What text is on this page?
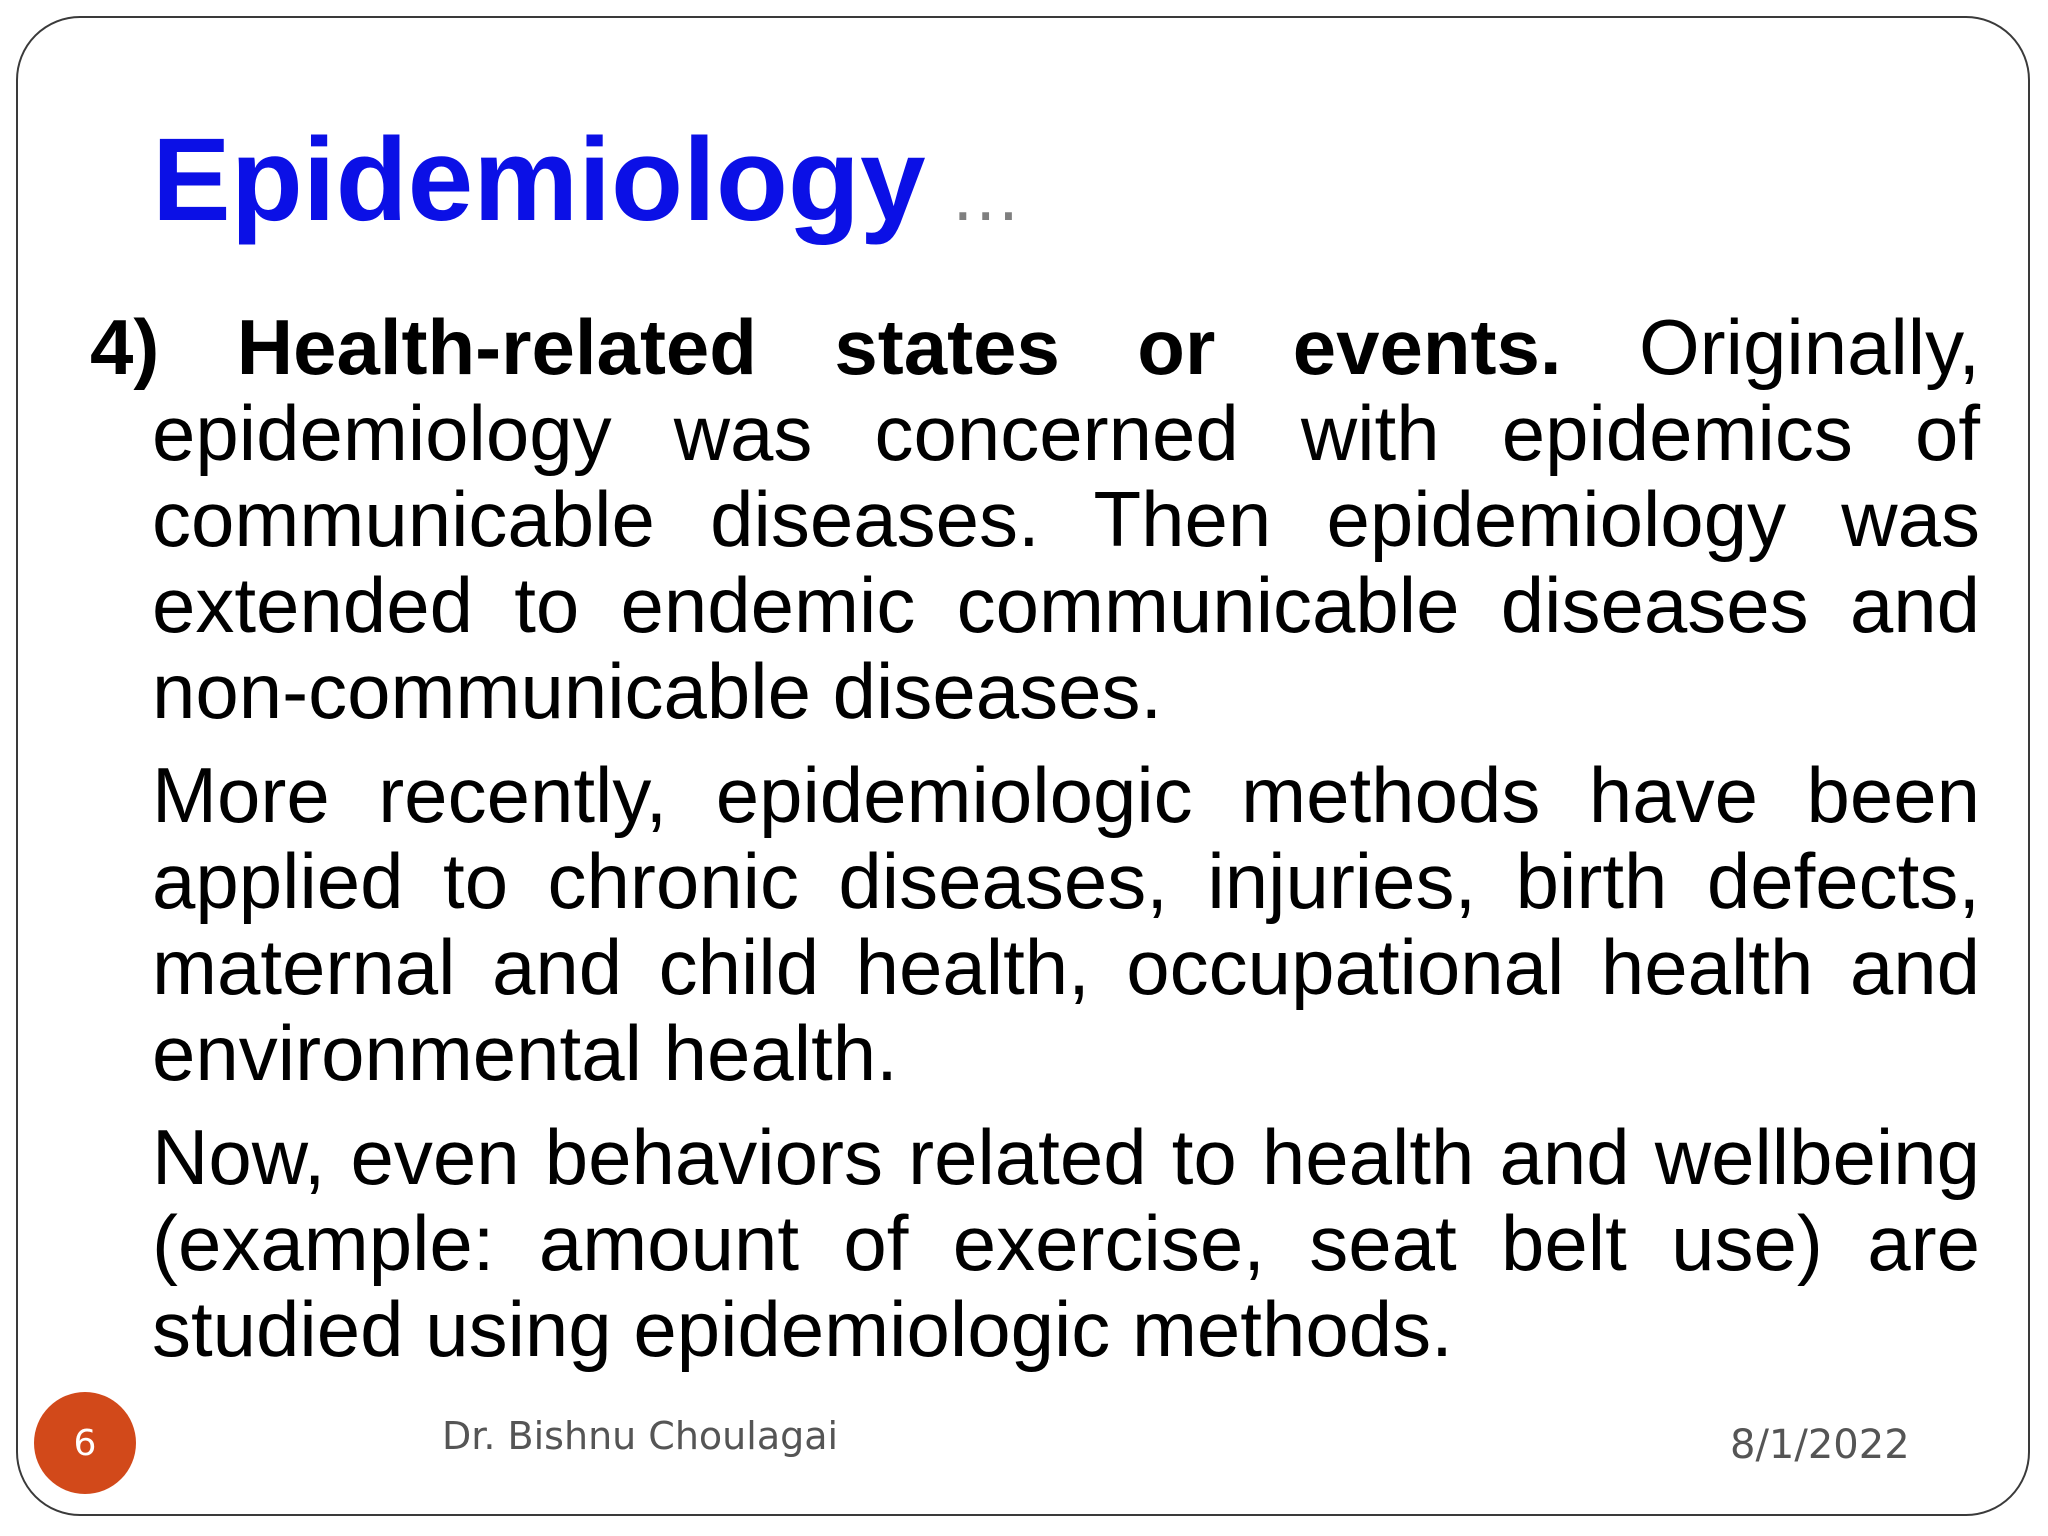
Epidemiology …

4) Health-related states or events. Originally, epidemiology was concerned with epidemics of communicable diseases. Then epidemiology was extended to endemic communicable diseases and non-communicable diseases.

More recently, epidemiologic methods have been applied to chronic diseases, injuries, birth defects, maternal and child health, occupational health and environmental health.

Now, even behaviors related to health and wellbeing (example: amount of exercise, seat belt use) are studied using epidemiologic methods.

6	Dr. Bishnu Choulagai	8/1/2022
